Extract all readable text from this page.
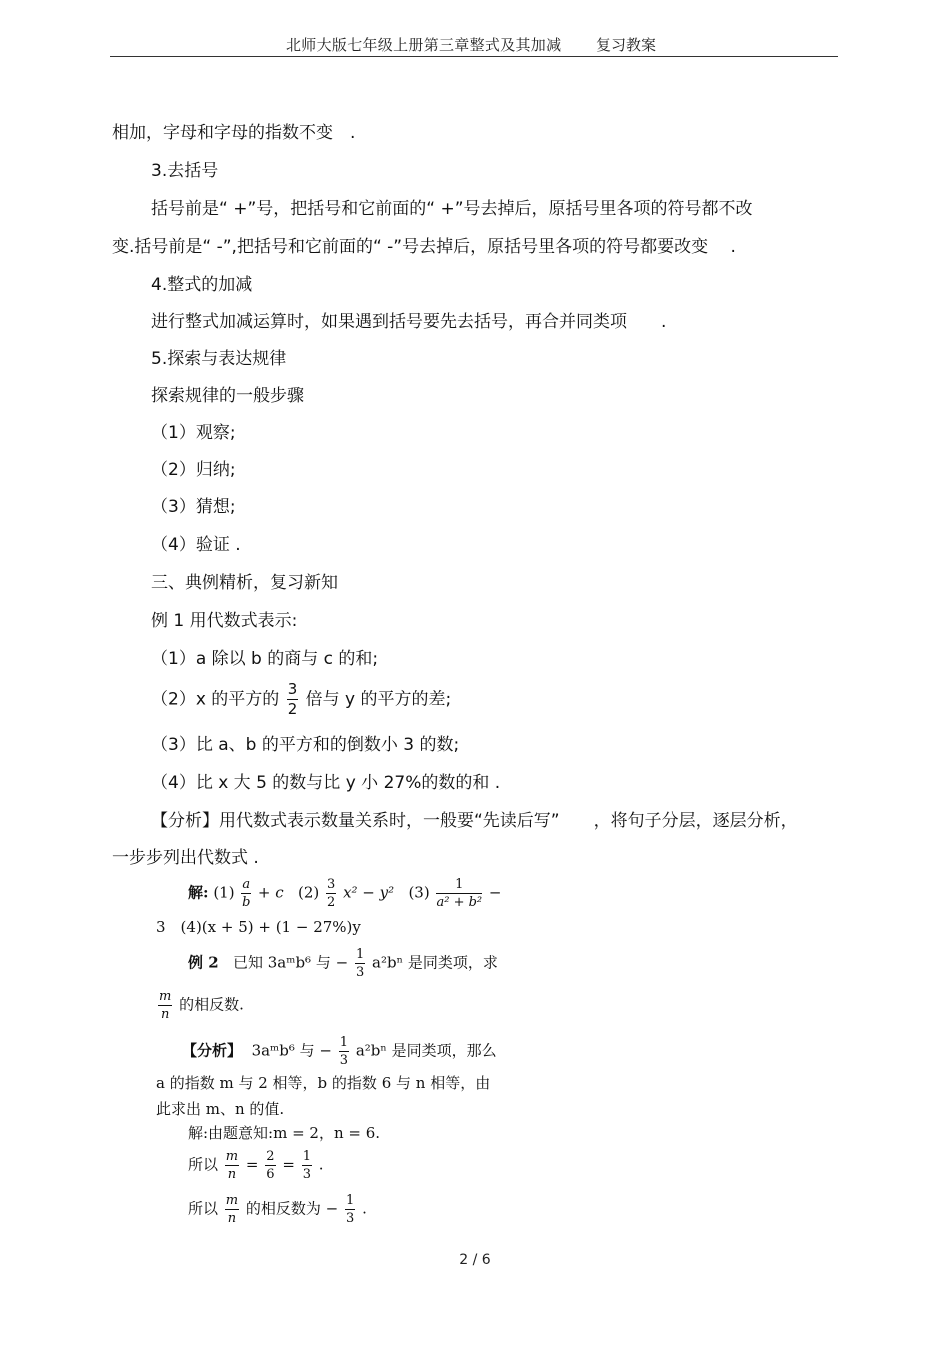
北师大版七年级上册第三章整式及其加减 复习教案
相加，字母和字母的指数不变　.
3.去括号
括号前是“ +”号，把括号和它前面的“ +”号去掉后，原括号里各项的符号都不改
变.括号前是“ -”,把括号和它前面的“ -”号去掉后，原括号里各项的符号都要改变　 .
4.整式的加减
进行整式加减运算时，如果遇到括号要先去括号，再合并同类项　　.
5.探索与表达规律
探索规律的一般步骤
（1）观察;
（2）归纳;
（3）猜想;
（4）验证 .
三、典例精析，复习新知
例 1 用代数式表示:
（1）a 除以 b 的商与 c 的和;
（2）x 的平方的 $\frac{3}{2}$ 倍与 y 的平方的差;
（3）比 a、b 的平方和的倒数小 3 的数;
（4）比 x 大 5 的数与比 y 小 27%的数的和 .
【分析】用代数式表示数量关系时，一般要“先读后写”　　，将句子分层，逐层分析，
一步步列出代数式 .
解: $(1) \frac{a}{b} + c$ $(2) \frac{3}{2} x^2 - y^2$ $(3) \frac{1}{\text{a² + b²}}$ −
3　(4)(x + 5) + (1 − 27%)y
例 2 已知 3aᵐb⁶ 与 − $\frac{1}{3} a^2b^n$ 是同类项，求
$\frac{m}{n}$ 的相反数.
【分析】 3aᵐb⁶ 与 − $\frac{1}{3} a^2b^n$ 是同类项，那么
a 的指数 m 与 2 相等，b 的指数 6 与 n 相等，由
此求出 m、n 的值.
解:由题意知:m = 2，n = 6.
所以 $\frac{m}{n} = \frac{2}{6} = \frac{1}{3}$ .
所以 $\frac{m}{n}$ 的相反数为 − $\frac{1}{3}$ .
2 / 6
